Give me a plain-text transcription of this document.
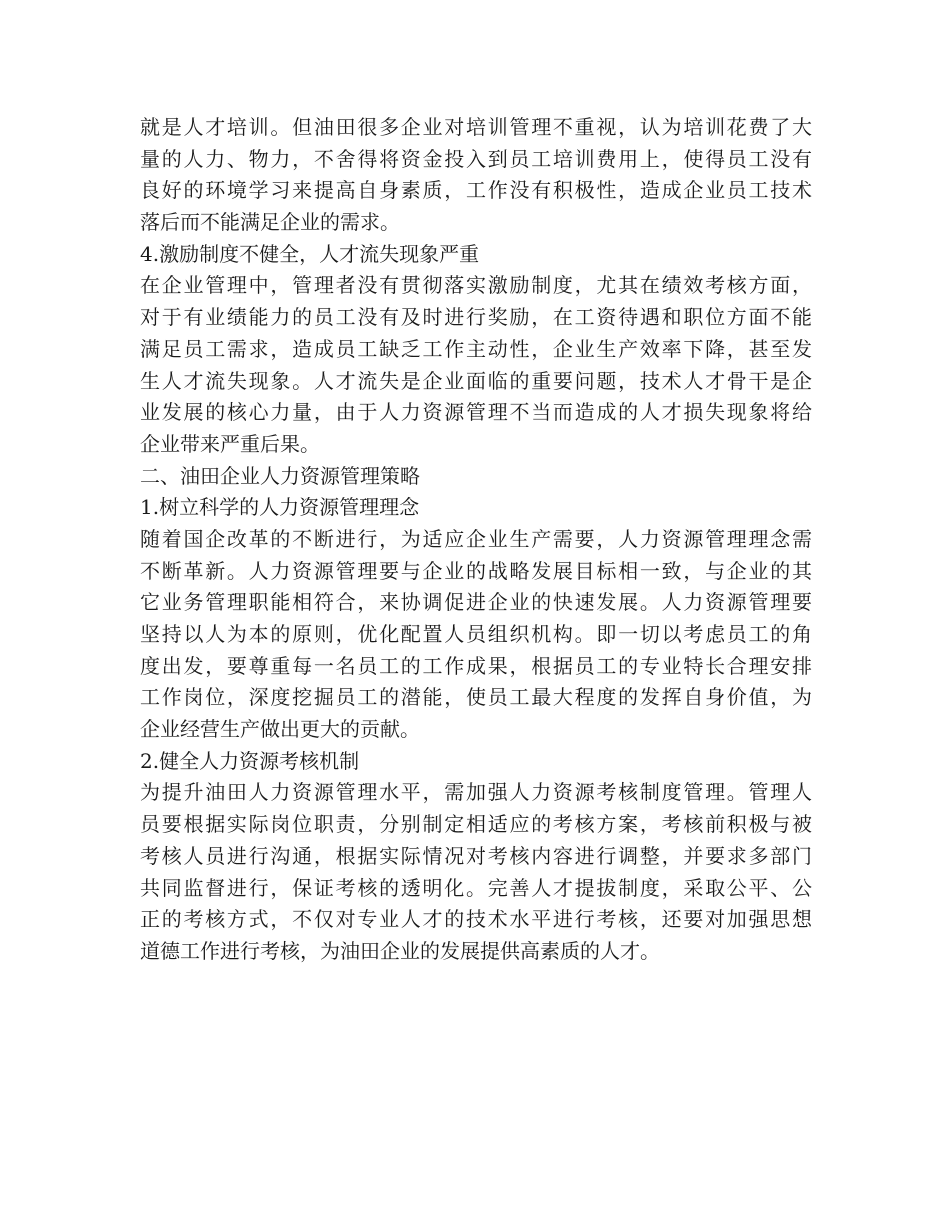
就是人才培训。但油田很多企业对培训管理不重视，认为培训花费了大
量的人力、物力，不舍得将资金投入到员工培训费用上，使得员工没有
良好的环境学习来提高自身素质，工作没有积极性，造成企业员工技术
落后而不能满足企业的需求。
4.激励制度不健全，人才流失现象严重
在企业管理中，管理者没有贯彻落实激励制度，尤其在绩效考核方面，
对于有业绩能力的员工没有及时进行奖励，在工资待遇和职位方面不能
满足员工需求，造成员工缺乏工作主动性，企业生产效率下降，甚至发
生人才流失现象。人才流失是企业面临的重要问题，技术人才骨干是企
业发展的核心力量，由于人力资源管理不当而造成的人才损失现象将给
企业带来严重后果。
二、油田企业人力资源管理策略
1.树立科学的人力资源管理理念
随着国企改革的不断进行，为适应企业生产需要，人力资源管理理念需
不断革新。人力资源管理要与企业的战略发展目标相一致，与企业的其
它业务管理职能相符合，来协调促进企业的快速发展。人力资源管理要
坚持以人为本的原则，优化配置人员组织机构。即一切以考虑员工的角
度出发，要尊重每一名员工的工作成果，根据员工的专业特长合理安排
工作岗位，深度挖掘员工的潜能，使员工最大程度的发挥自身价值，为
企业经营生产做出更大的贡献。
2.健全人力资源考核机制
为提升油田人力资源管理水平，需加强人力资源考核制度管理。管理人
员要根据实际岗位职责，分别制定相适应的考核方案，考核前积极与被
考核人员进行沟通，根据实际情况对考核内容进行调整，并要求多部门
共同监督进行，保证考核的透明化。完善人才提拔制度，采取公平、公
正的考核方式，不仅对专业人才的技术水平进行考核，还要对加强思想
道德工作进行考核，为油田企业的发展提供高素质的人才。
